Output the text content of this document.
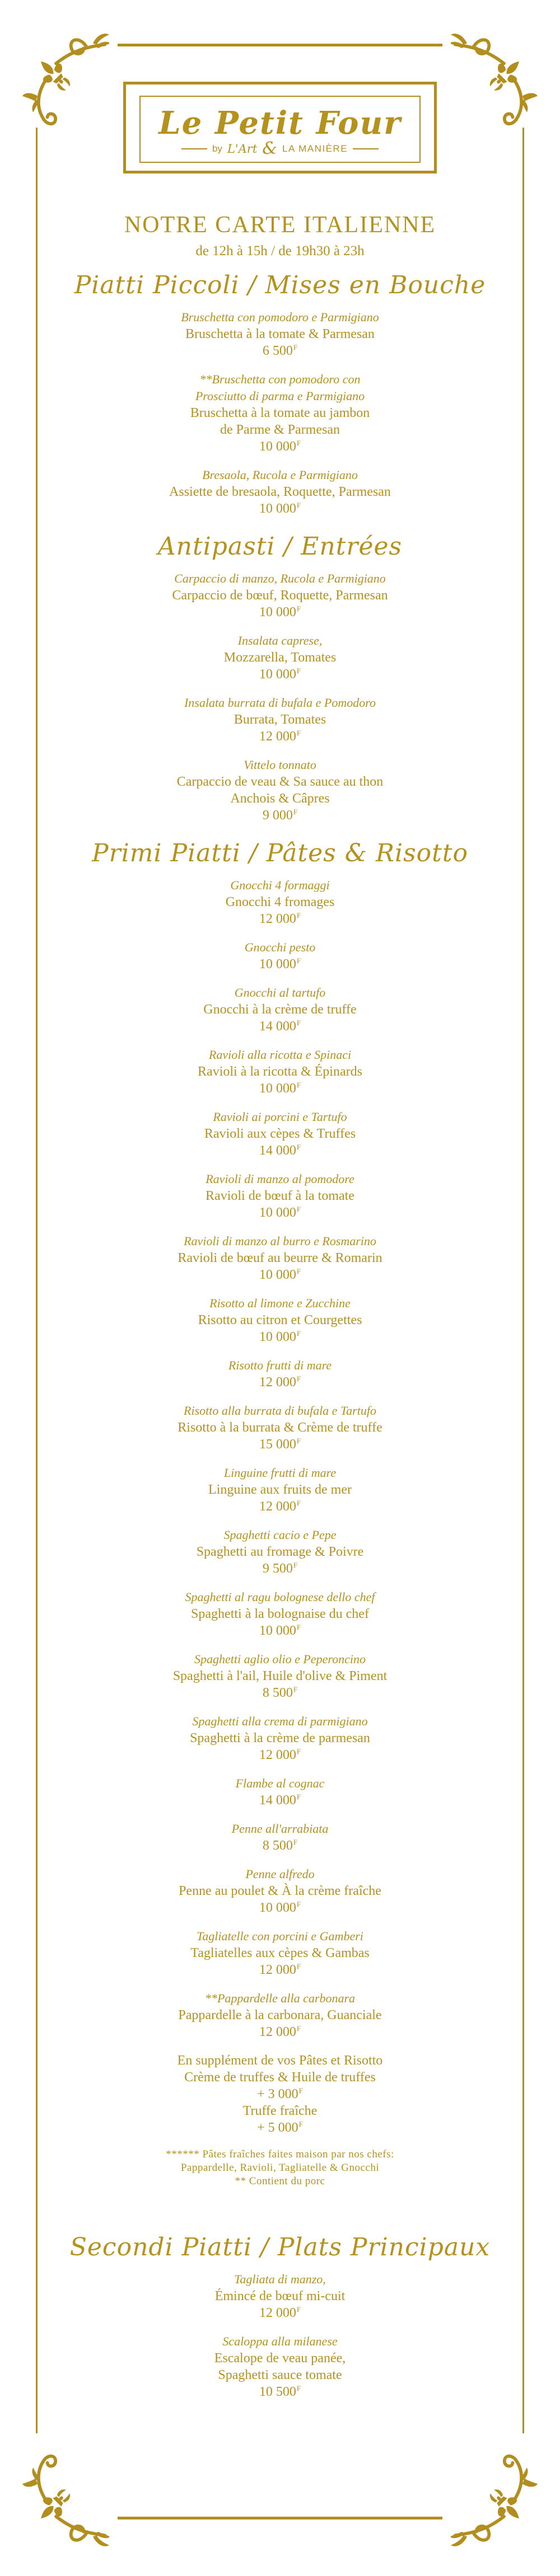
Le Petit Four
by L'Art & LA MANIÈRE
NOTRE CARTE ITALIENNE
de 12h à 15h / de 19h30 à 23h
Piatti Piccoli / Mises en Bouche
Bruschetta con pomodoro e Parmigiano
Bruschetta à la tomate & Parmesan
6 $500^F$
**Bruschetta con pomodoro con
Prosciutto di parma e Parmigiano
Bruschetta à la tomate au jambon
de Parme & Parmesan
10 $000^F$
Bresaola, Rucola e Parmigiano
Assiette de bresaola, Roquette, Parmesan
10 $000^F$
Antipasti / Entrées
Carpaccio di manzo, Rucola e Parmigiano
Carpaccio de bœuf, Roquette, Parmesan
10 $000^F$
Insalata caprese,
Mozzarella, Tomates
10 $000^F$
Insalata burrata di bufala e Pomodoro
Burrata, Tomates
12 $000^F$
Vittelo tonnato
Carpaccio de veau & Sa sauce au thon
Anchois & Câpres
9 $000^F$
Primi Piatti / Pâtes & Risotto
Gnocchi 4 formaggi
Gnocchi 4 fromages
12 $000^F$
Gnocchi pesto
10 $000^F$
Gnocchi al tartufo
Gnocchi à la crème de truffe
14 $000^F$
Ravioli alla ricotta e Spinaci
Ravioli à la ricotta & Épinards
10 $000^F$
Ravioli ai porcini e Tartufo
Ravioli aux cèpes & Truffes
14 $000^F$
Ravioli di manzo al pomodore
Ravioli de bœuf à la tomate
10 $000^F$
Ravioli di manzo al burro e Rosmarino
Ravioli de bœuf au beurre & Romarin
10 $000^F$
Risotto al limone e Zucchine
Risotto au citron et Courgettes
10 $000^F$
Risotto frutti di mare
12 $000^F$
Risotto alla burrata di bufala e Tartufo
Risotto à la burrata & Crème de truffe
15 $000^F$
Linguine frutti di mare
Linguine aux fruits de mer
12 $000^F$
Spaghetti cacio e Pepe
Spaghetti au fromage & Poivre
9 $500^F$
Spaghetti al ragu bolognese dello chef
Spaghetti à la bolognaise du chef
10 $000^F$
Spaghetti aglio olio e Peperoncino
Spaghetti à l'ail, Huile d'olive & Piment
8 $500^F$
Spaghetti alla crema di parmigiano
Spaghetti à la crème de parmesan
12 $000^F$
Flambe al cognac
14 $000^F$
Penne all'arrabiata
8 $500^F$
Penne alfredo
Penne au poulet & À la crème fraîche
10 $000^F$
Tagliatelle con porcini e Gamberi
Tagliatelles aux cèpes & Gambas
12 $000^F$
**Pappardelle alla carbonara
Pappardelle à la carbonara, Guanciale
12 $000^F$
En supplément de vos Pâtes et Risotto
Crème de truffes & Huile de truffes
+ 3 $000^F$
Truffe fraîche
+ 5 $000^F$
****** Pâtes fraîches faites maison par nos chefs:
Pappardelle, Ravioli, Tagliatelle & Gnocchi
** Contient du porc
Secondi Piatti / Plats Principaux
Tagliata di manzo,
Émincé de bœuf mi-cuit
12 $000^F$
Scaloppa alla milanese
Escalope de veau panée,
Spaghetti sauce tomate
10 $500^F$
